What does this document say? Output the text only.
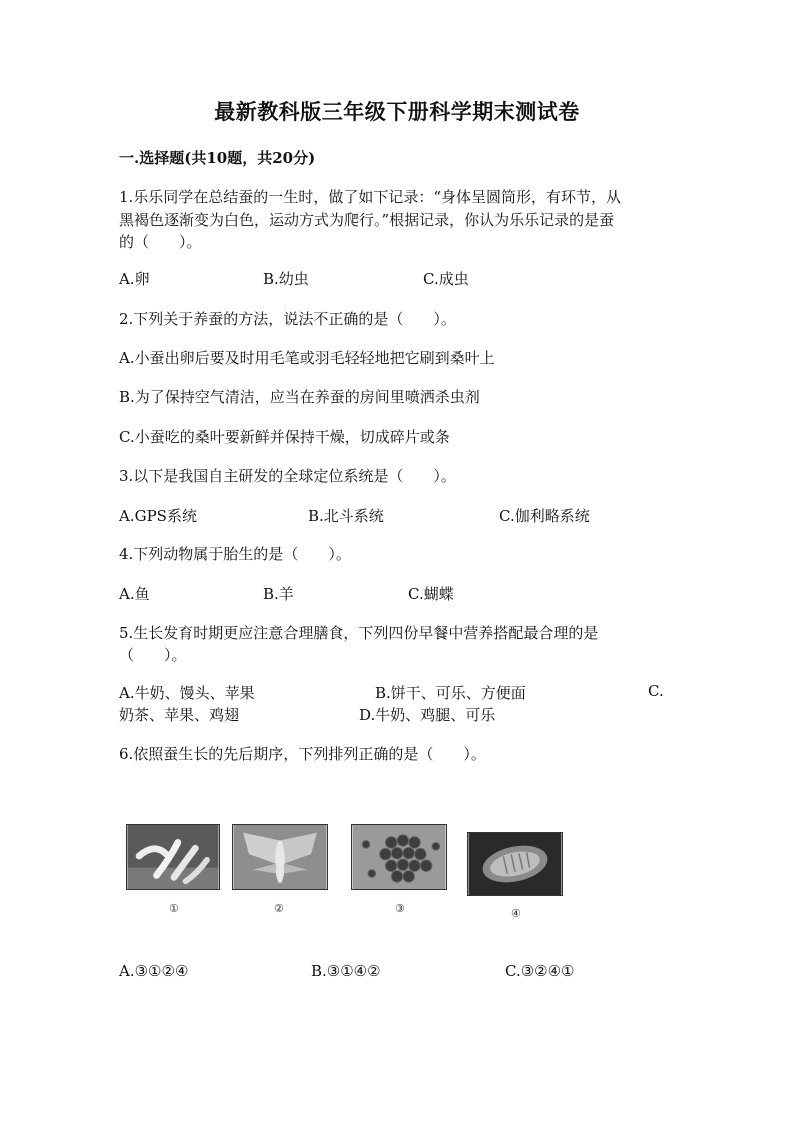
最新教科版三年级下册科学期末测试卷
一.选择题(共10题，共20分)
1.乐乐同学在总结蚕的一生时，做了如下记录：“身体呈圆筒形，有环节，从
黑褐色逐渐变为白色，运动方式为爬行。”根据记录，你认为乐乐记录的是蚕
的（　　）。
A.卵	B.幼虫	C.成虫
2.下列关于养蚕的方法，说法不正确的是（　　）。
A.小蚕出卵后要及时用毛笔或羽毛轻轻地把它刷到桑叶上
B.为了保持空气清洁，应当在养蚕的房间里喷洒杀虫剂
C.小蚕吃的桑叶要新鲜并保持干燥，切成碎片或条
3.以下是我国自主研发的全球定位系统是（　　）。
A.GPS系统	B.北斗系统	C.伽利略系统
4.下列动物属于胎生的是（　　）。
A.鱼	B.羊	C.蝴蝶
5.生长发育时期更应注意合理膳食，下列四份早餐中营养搭配最合理的是
（　　）。
A.牛奶、馒头、苹果	B.饼干、可乐、方便面	C.
奶茶、苹果、鸡翅	D.牛奶、鸡腿、可乐
6.依照蚕生长的先后期序，下列排列正确的是（　　）。
①	②	③	④
A.③①②④	B.③①④②	C.③②④①
